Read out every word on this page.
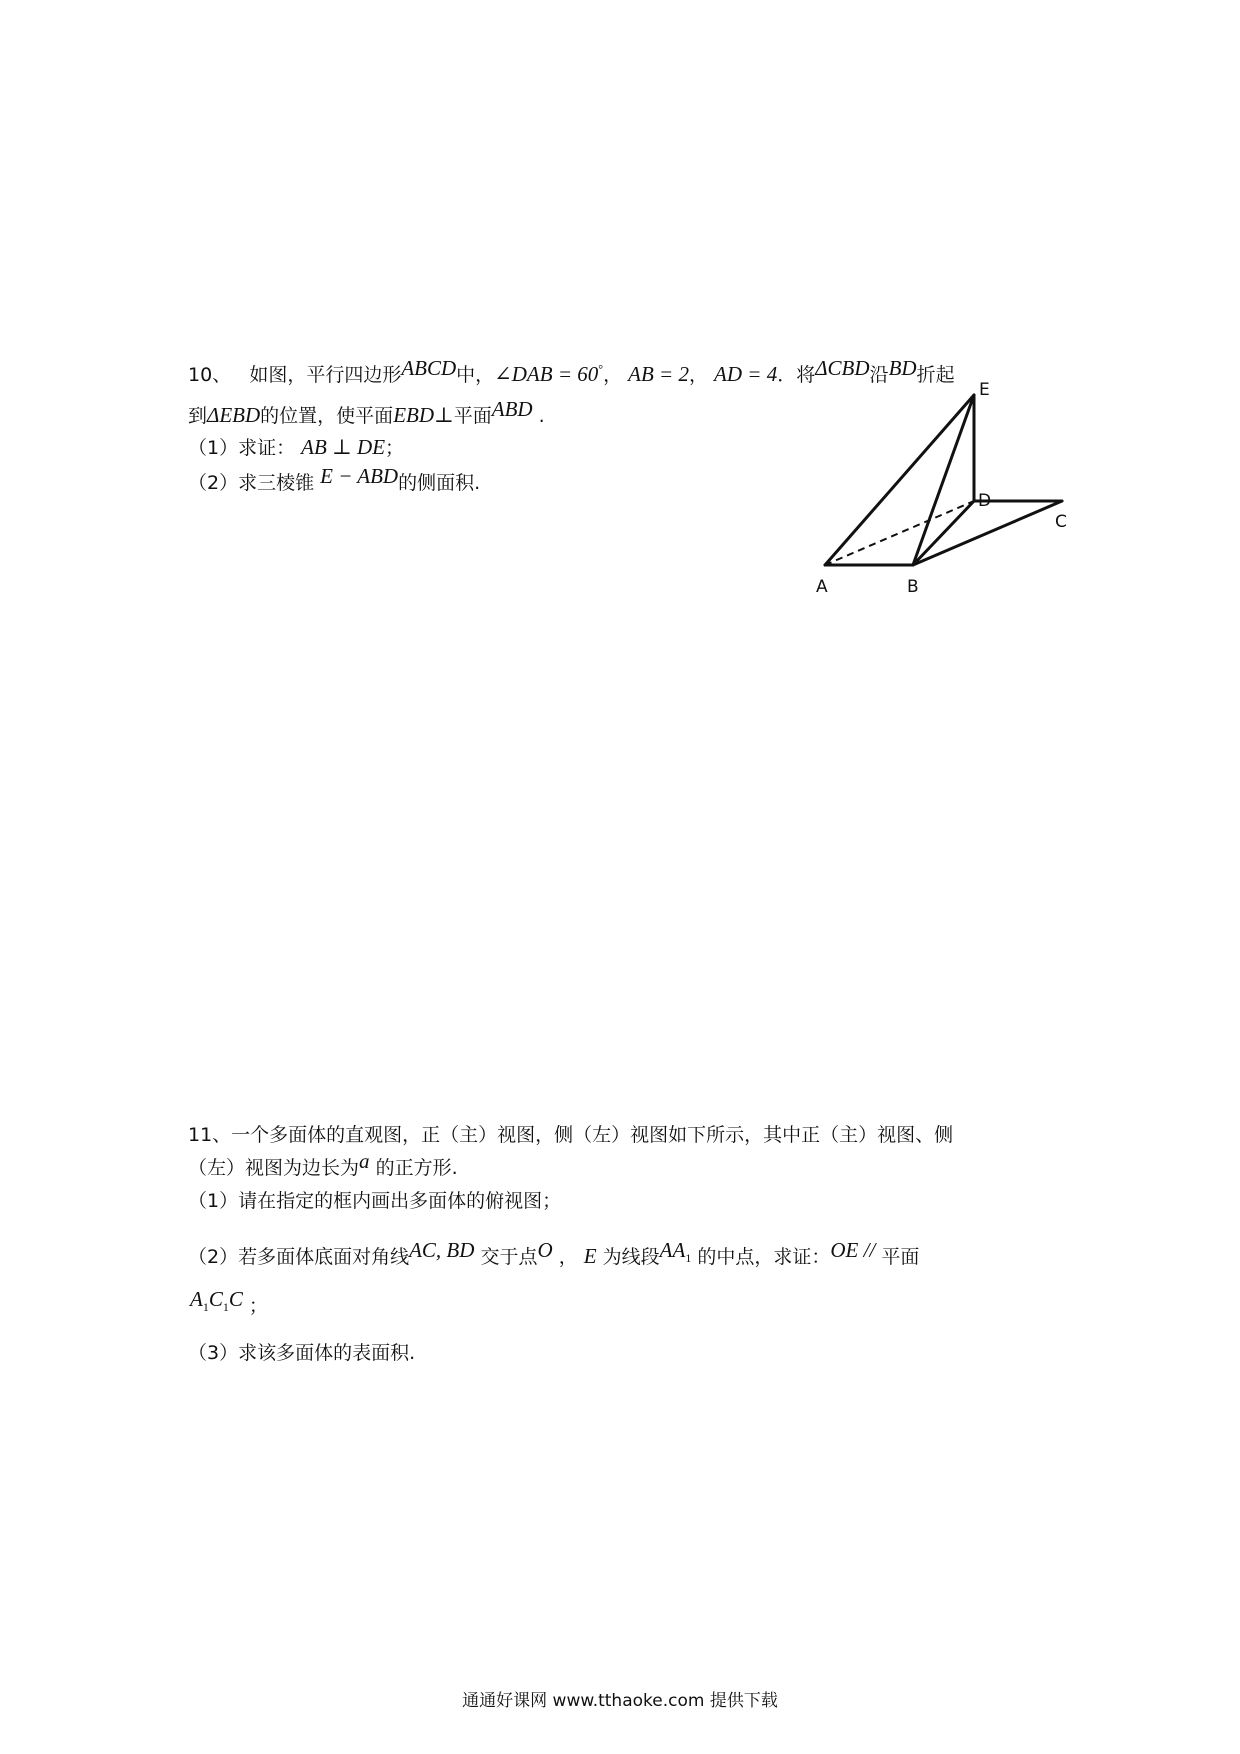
10、 如图，平行四边形ABCD中，∠DAB = 60°， AB = 2， AD = 4．将ΔCBD沿BD折起
到ΔEBD的位置，使平面EBD⊥平面ABD .
（1）求证： AB ⊥ DE；
（2）求三棱锥 E − ABD的侧面积.
E
D
C
A	B
11、一个多面体的直观图，正（主）视图，侧（左）视图如下所示，其中正（主）视图、侧
（左）视图为边长为a 的正方形.
（1）请在指定的框内画出多面体的俯视图；
（2）若多面体底面对角线AC, BD 交于点O ， E 为线段$AA_1$ 的中点，求证：OE // 平面
$A_1C_1C$ ；
（3）求该多面体的表面积.
通通好课网 www.tthaoke.com 提供下载
